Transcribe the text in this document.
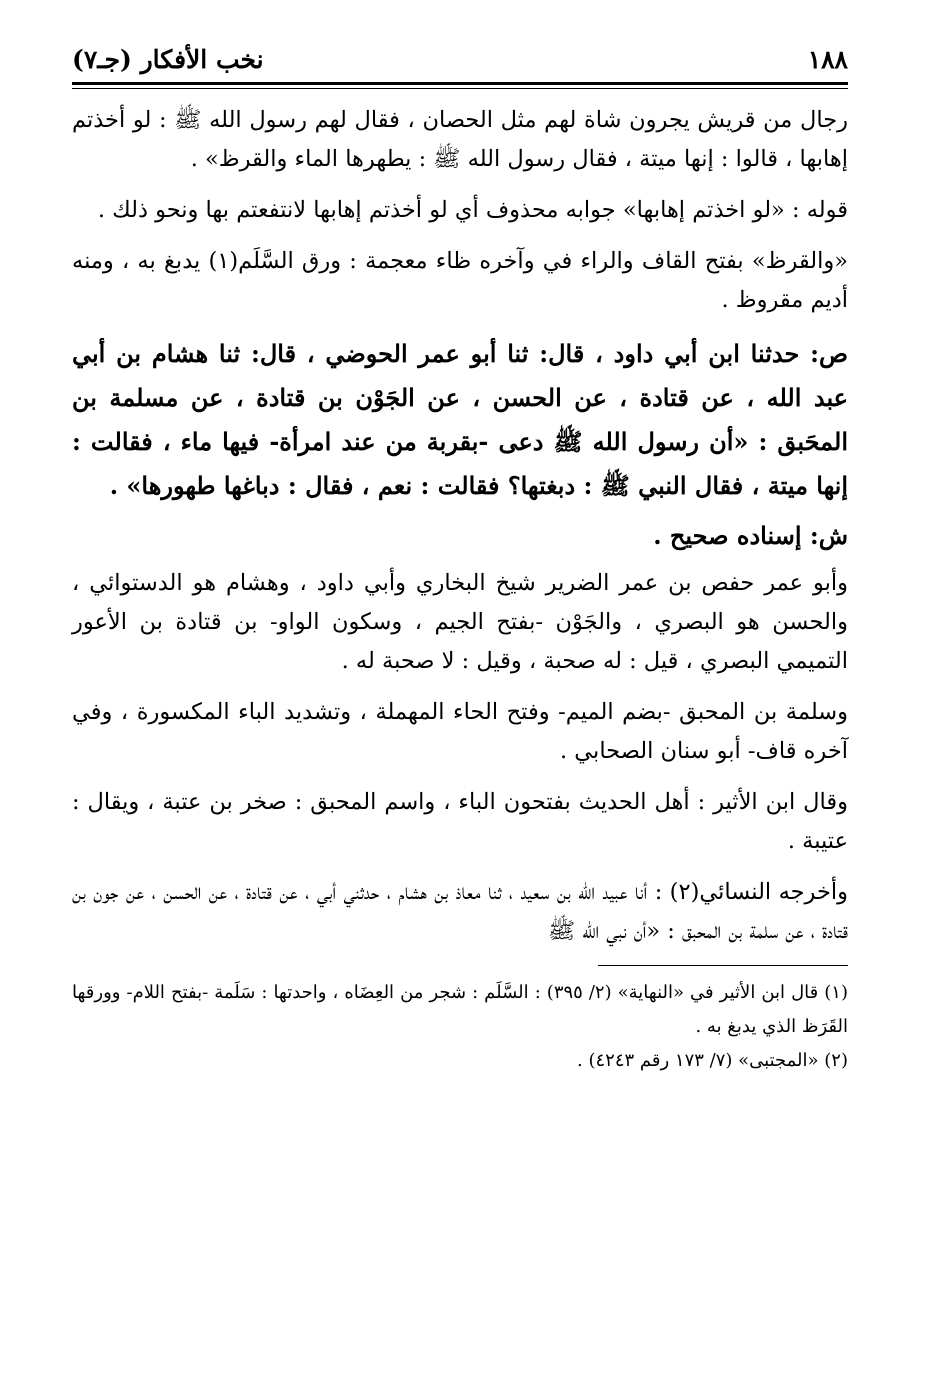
١٨٨
نخب الأفكار (جـ٧)

رجال من قريش يجرون شاة لهم مثل الحصان ، فقال لهم رسول الله ﷺ : لو أخذتم إهابها ، قالوا : إنها ميتة ، فقال رسول الله ﷺ : يطهرها الماء والقرظ» .

قوله : «لو اخذتم إهابها» جوابه محذوف أي لو أخذتم إهابها لانتفعتم بها ونحو ذلك .

«والقرظ» بفتح القاف والراء في وآخره ظاء معجمة : ورق السَّلَم(١) يدبغ به ، ومنه أديم مقروظ .

ص: حدثنا ابن أبي داود ، قال: ثنا أبو عمر الحوضي ، قال: ثنا هشام بن أبي عبد الله ، عن قتادة ، عن الحسن ، عن الجَوْن بن قتادة ، عن مسلمة بن المحَبق : «أن رسول الله ﷺ دعى -بقربة من عند امرأة- فيها ماء ، فقالت : إنها ميتة ، فقال النبي ﷺ : دبغتها؟ فقالت : نعم ، فقال : دباغها طهورها» .

ش: إسناده صحيح .

وأبو عمر حفص بن عمر الضرير شيخ البخاري وأبي داود ، وهشام هو الدستوائي ، والحسن هو البصري ، والجَوْن -بفتح الجيم ، وسكون الواو- بن قتادة بن الأعور التميمي البصري ، قيل : له صحبة ، وقيل : لا صحبة له .

وسلمة بن المحبق -بضم الميم- وفتح الحاء المهملة ، وتشديد الباء المكسورة ، وفي آخره قاف- أبو سنان الصحابي .

وقال ابن الأثير : أهل الحديث بفتحون الباء ، واسم المحبق : صخر بن عتبة ، ويقال : عتيبة .

وأخرجه النسائي(٢) : أنا عبيد الله بن سعيد ، ثنا معاذ بن هشام ، حدثني أبي ، عن قتادة ، عن الحسن ، عن جون بن قتادة ، عن سلمة بن المحبق : «أن نبي الله ﷺ

(١) قال ابن الأثير في «النهاية» (٢/ ٣٩٥) : السَّلَم : شجر من العِضَاه ، واحدتها : سَلَمة -بفتح اللام- وورقها القَرَظ الذي يدبغ به .

(٢) «المجتبى» (٧/ ١٧٣ رقم ٤٢٤٣) .
